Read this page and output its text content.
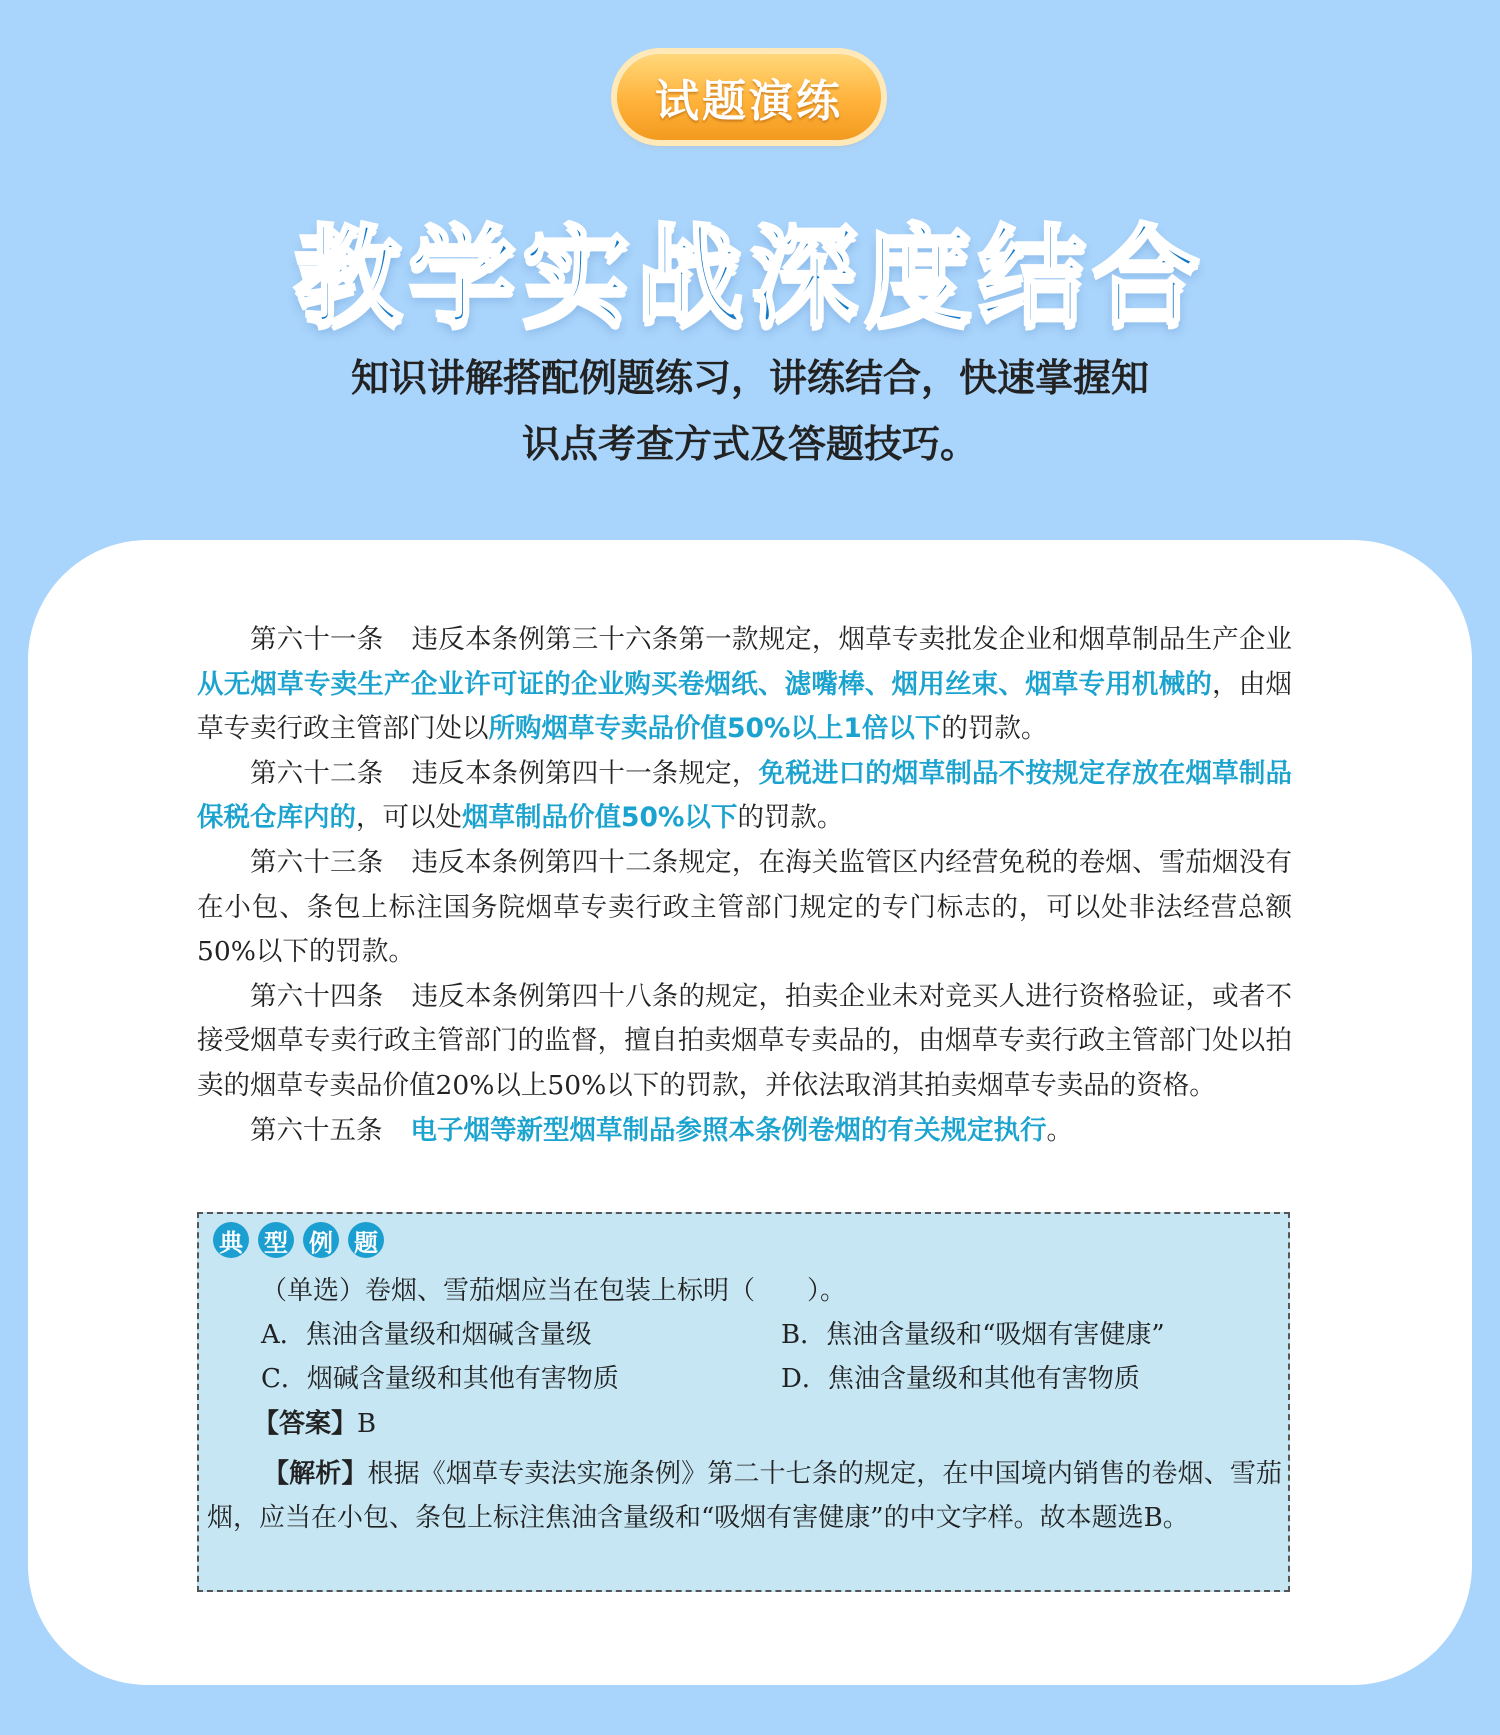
试题演练
教学实战深度结合
知识讲解搭配例题练习，讲练结合，快速掌握知
识点考查方式及答题技巧。

第六十一条 违反本条例第三十六条第一款规定，烟草专卖批发企业和烟草制品生产企业从无烟草专卖生产企业许可证的企业购买卷烟纸、滤嘴棒、烟用丝束、烟草专用机械的，由烟草专卖行政主管部门处以所购烟草专卖品价值50%以上1倍以下的罚款。

第六十二条 违反本条例第四十一条规定，免税进口的烟草制品不按规定存放在烟草制品保税仓库内的，可以处烟草制品价值50%以下的罚款。

第六十三条 违反本条例第四十二条规定，在海关监管区内经营免税的卷烟、雪茄烟没有在小包、条包上标注国务院烟草专卖行政主管部门规定的专门标志的，可以处非法经营总额50%以下的罚款。

第六十四条 违反本条例第四十八条的规定，拍卖企业未对竞买人进行资格验证，或者不接受烟草专卖行政主管部门的监督，擅自拍卖烟草专卖品的，由烟草专卖行政主管部门处以拍卖的烟草专卖品价值20%以上50%以下的罚款，并依法取消其拍卖烟草专卖品的资格。

第六十五条 电子烟等新型烟草制品参照本条例卷烟的有关规定执行。

典 型 例 题
（单选）卷烟、雪茄烟应当在包装上标明（　　）。
A．焦油含量级和烟碱含量级	B．焦油含量级和“吸烟有害健康”
C．烟碱含量级和其他有害物质	D．焦油含量级和其他有害物质
【答案】B

【解析】根据《烟草专卖法实施条例》第二十七条的规定，在中国境内销售的卷烟、雪茄烟，应当在小包、条包上标注焦油含量级和“吸烟有害健康”的中文字样。故本题选B。
